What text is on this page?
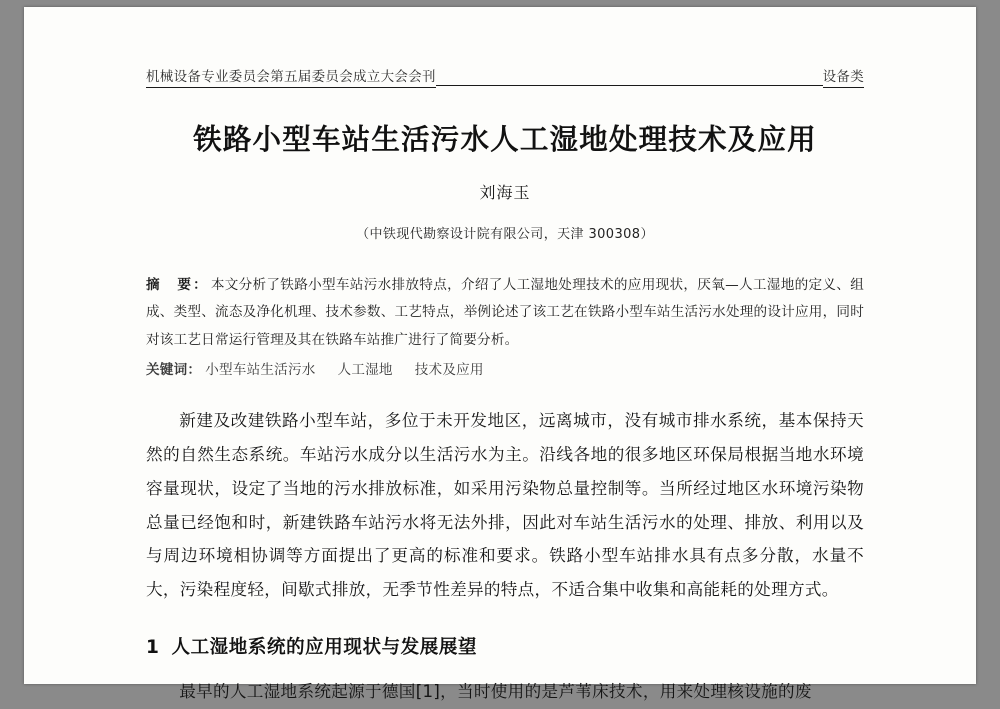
机械设备专业委员会第五届委员会成立大会会刊	设备类
铁路小型车站生活污水人工湿地处理技术及应用
刘海玉
（中铁现代勘察设计院有限公司，天津 300308）
摘　要： 本文分析了铁路小型车站污水排放特点，介绍了人工湿地处理技术的应用现状，厌氧—人工湿地的定义、组成、类型、流态及净化机理、技术参数、工艺特点，举例论述了该工艺在铁路小型车站生活污水处理的设计应用，同时对该工艺日常运行管理及其在铁路车站推广进行了简要分析。
关键词： 小型车站生活污水 人工湿地 技术及应用
新建及改建铁路小型车站，多位于未开发地区，远离城市，没有城市排水系统，基本保持天然的自然生态系统。车站污水成分以生活污水为主。沿线各地的很多地区环保局根据当地水环境容量现状，设定了当地的污水排放标准，如采用污染物总量控制等。当所经过地区水环境污染物总量已经饱和时，新建铁路车站污水将无法外排，因此对车站生活污水的处理、排放、利用以及与周边环境相协调等方面提出了更高的标准和要求。铁路小型车站排水具有点多分散，水量不大，污染程度轻，间歇式排放，无季节性差异的特点，不适合集中收集和高能耗的处理方式。
1 人工湿地系统的应用现状与发展展望
最早的人工湿地系统起源于德国[1]，当时使用的是芦苇床技术，用来处理核设施的废
